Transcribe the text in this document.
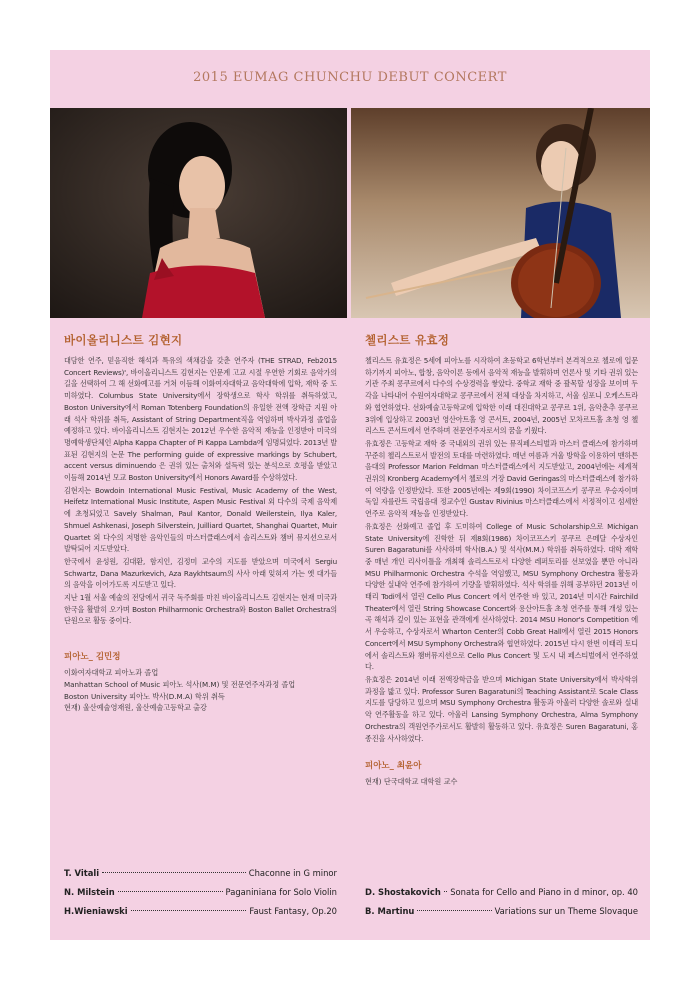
2015 EUMAG CHUNCHU DEBUT CONCERT
바이올리니스트 김현지

대담한 연주, 믿음직한 해석과 특유의 색채감을 갖춘 연주자 (THE STRAD, Feb2015 Concert Reviews)', 바이올리니스트 김현지는 인문계 고교 시절 우연한 기회로 음악가의 길을 선택하여 그 해 선화예고를 거쳐 이듬해 이화여자대학교 음악대학에 입학, 재학 중 도미하였다. Columbus State University에서 장학생으로 학사 학위를 취득하였고, Boston University에서 Roman Totenberg Foundation의 유일한 전액 장학금 지원 아래 석사 학위를 취득, Assistant of String Department직을 역임하며 박사과정 졸업을 예정하고 있다. 바이올리니스트 김현지는 2012년 우수한 음악적 재능을 인정받아 미국의 명예학생단체인 Alpha Kappa Chapter of Pi Kappa Lambda에 임명되었다. 2013년 발표된 김현지의 논문 The performing guide of expressive markings by Schubert, accent versus diminuendo 은 권위 있는 출처와 설득력 있는 분석으로 호평을 받았고 이듬해 2014년 모교 Boston University에서 Honors Award를 수상하였다.

김현지는 Bowdoin International Music Festival, Music Academy of the West, Heifetz International Music Institute, Aspen Music Festival 외 다수의 국제 음악제에 초청되었고 Savely Shalman, Paul Kantor, Donald Weilerstein, Ilya Kaler, Shmuel Ashkenasi, Joseph Silverstein, Juilliard Quartet, Shanghai Quartet, Muir Quartet 외 다수의 저명한 음악인들의 마스터클래스에서 솔리스트와 챔버 뮤지션으로서 발탁되어 지도받았다.

한국에서 윤성원, 김대환, 함지인, 김정미 교수의 지도를 받았으며 미국에서 Sergiu Schwartz, Dana Mazurkevich, Aza Raykhtsaum의 사사 아래 잊혀져 가는 옛 대가들의 음악을 이어가도록 지도받고 있다.

지난 1월 서울 예술의 전당에서 귀국 독주회를 마친 바이올리니스트 김현지는 현재 미국과 한국을 활발히 오가며 Boston Philharmonic Orchestra와 Boston Ballet Orchestra의 단원으로 활동 중이다.

피아노_ 김민정
이화여자대학교 피아노과 졸업
Manhattan School of Music 피아노 석사(M.M) 및 전문연주자과정 졸업
Boston University 피아노 박사(D.M.A) 학위 취득
현재) 울산예술영재원, 울산예술고등학교 출강
첼리스트 유효정

첼리스트 유효정은 5세에 피아노를 시작하여 초등학교 6학년부터 본격적으로 첼로에 입문하기까지 피아노, 합창, 음악이론 등에서 음악적 재능을 발휘하며 언론사 및 기타 권위 있는 기관 주최 콩쿠르에서 다수의 수상경력을 쌓았다. 중학교 재학 중 괄목할 성장을 보이며 두각을 나타내어 수원여자대학교 콩쿠르에서 전체 대상을 차지하고, 서울 심포니 오케스트라와 협연하였다. 선화예술고등학교에 입학한 이래 대진대학교 콩쿠르 1위, 음악춘추 콩쿠르 3위에 입상하고 2003년 영산아트홀 영 콘서트, 2004년, 2005년 모차르트홀 초청 영 첼리스트 콘서트에서 연주하며 전문연주자로서의 꿈을 키웠다.

유효정은 고등학교 재학 중 국내외의 권위 있는 뮤직페스티벌과 마스터 클래스에 참가하며 꾸준히 첼리스트로서 발전의 토대를 마련하였다. 매년 여름과 겨울 방학을 이용하여 맨하튼 음대의 Professor Marion Feldman 마스터클래스에서 지도받았고, 2004년에는 세계적 권위의 Kronberg Academy에서 첼로의 거장 David Geringas의 마스터클래스에 참가하여 역량을 인정받았다. 또한 2005년에는 제9회(1990) 차이코프스키 콩쿠르 우승자이며 독일 자를란트 국립음대 정교수인 Gustav Rivinius 마스터클래스에서 서정적이고 섬세한 연주로 음악적 재능을 인정받았다.

유효정은 선화예고 졸업 후 도미하여 College of Music Scholarship으로 Michigan State University에 진학한 뒤 제8회(1986) 차이코프스키 콩쿠르 은메달 수상자인 Suren Bagaratuni를 사사하며 학사(B.A.) 및 석사(M.M.) 학위를 취득하였다. 대학 재학 중 매년 개인 리사이틀을 개최해 솔리스트로서 다양한 레퍼토리를 선보였을 뿐만 아니라 MSU Philharmonic Orchestra 수석을 역임했고, MSU Symphony Orchestra 활동과 다양한 실내악 연주에 참가하여 기량을 발휘하였다. 석사 학위를 위해 공부하던 2013년 이태리 Todi에서 열린 Cello Plus Concert 에서 연주한 바 있고, 2014년 미시간 Fairchild Theater에서 열린 String Showcase Concert와 용산아트홀 초청 연주를 통해 개성 있는 곡 해석과 깊이 있는 표현을 관객에게 선사하였다. 2014 MSU Honor's Competition 에서 우승하고, 수상자로서 Wharton Center의 Cobb Great Hall에서 열린 2015 Honors Concert에서 MSU Symphony Orchestra와 협연하였다. 2015년 다시 한번 이태리 토디에서 솔리스트와 챔버뮤지션으로 Cello Plus Concert 및 도시 내 페스티벌에서 연주하였다.

유효정은 2014년 이래 전액장학금을 받으며 Michigan State University에서 박사학위 과정을 밟고 있다. Professor Suren Bagaratuni의 Teaching Assistant로 Scale Class 지도를 담당하고 있으며 MSU Symphony Orchestra 활동과 아울러 다양한 솔로와 실내악 연주활동을 하고 있다. 아울러 Lansing Symphony Orchestra, Alma Symphony Orchestra의 객원연주가로서도 활발히 활동하고 있다. 유효정은 Suren Bagaratuni, 홍종진을 사사하였다.

피아노_ 최윤아
현재) 단국대학교 대학원 교수
T. Vitali	Chaconne in G minor
N. Milstein	Paganiniana for Solo Violin
H.Wieniawski	Faust Fantasy, Op.20
D. Shostakovich Sonata for Cello and Piano in d minor, op. 40
B. Martinu	Variations sur un Theme Slovaque
